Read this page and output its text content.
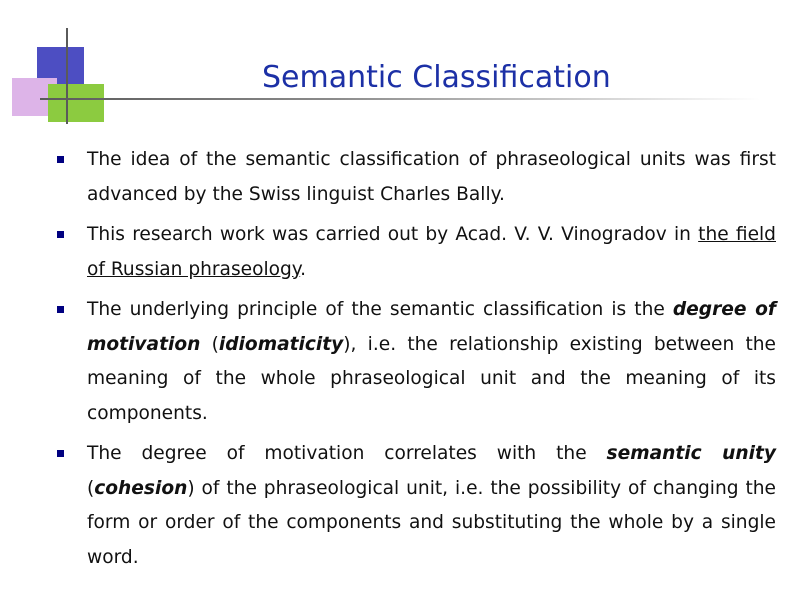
Semantic Classification
The idea of the semantic classification of phraseological units was first advanced by the Swiss linguist Charles Bally.
This research work was carried out by Acad. V. V. Vinogradov in the field of Russian phraseology.
The underlying principle of the semantic classification is the degree of motivation (idiomaticity), i.e. the relationship existing between the meaning of the whole phraseological unit and the meaning of its components.
The degree of motivation correlates with the semantic unity (cohesion) of the phraseological unit, i.e. the possibility of changing the form or order of the components and substituting the whole by a single word.
